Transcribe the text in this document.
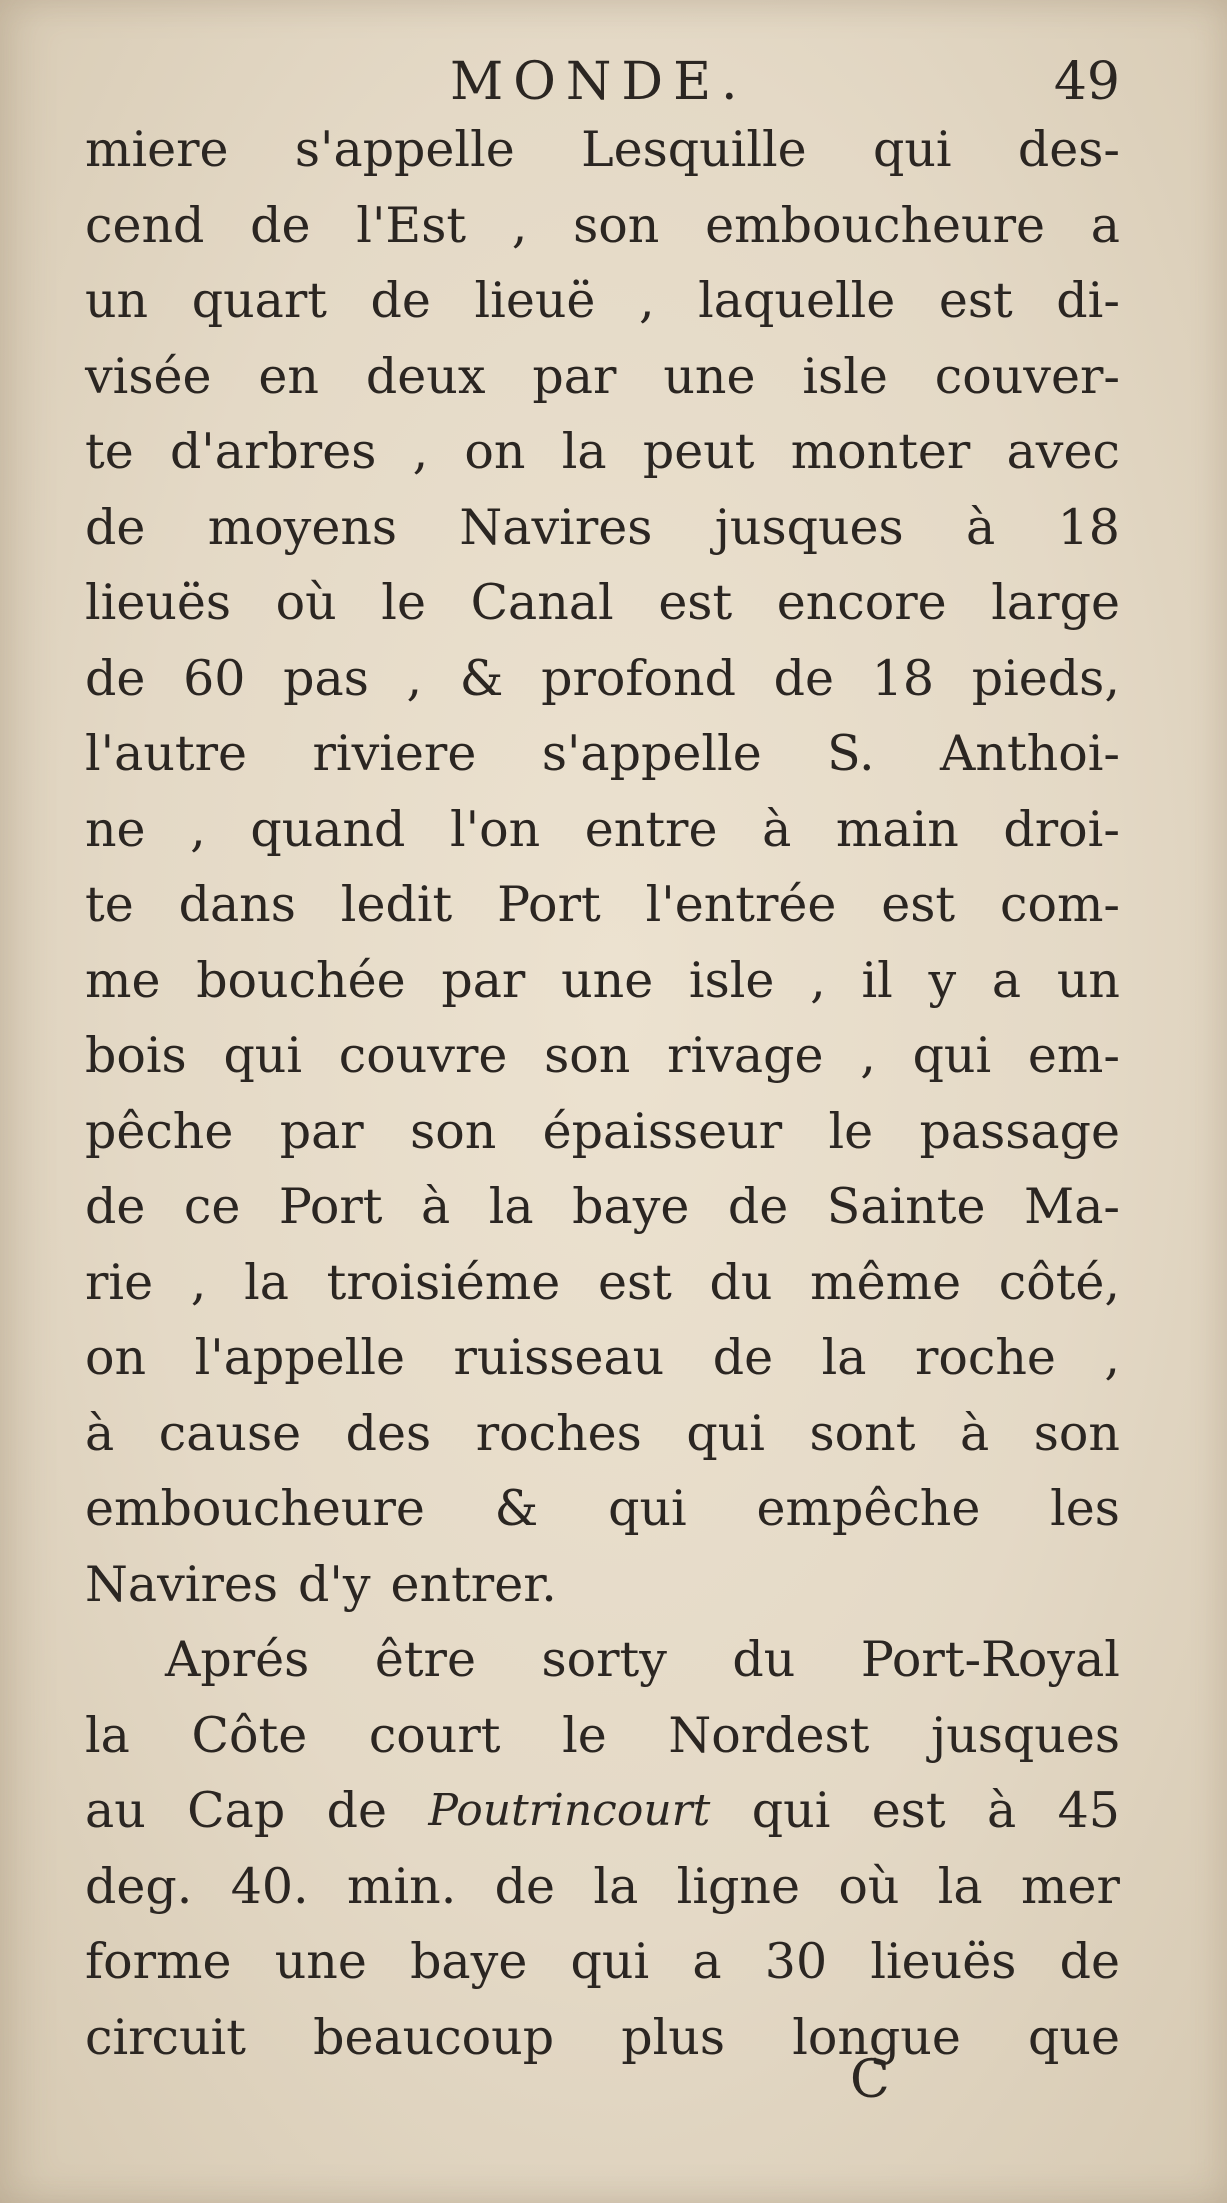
MONDE.	49
miere s'appelle Lesquille qui des-
cend de l'Est , son emboucheure a
un quart de lieuë , laquelle est di-
visée en deux par une isle couver-
te d'arbres , on la peut monter avec
de moyens Navires jusques à 18
lieuës où le Canal est encore large
de 60 pas , & profond de 18 pieds,
l'autre riviere s'appelle S. Anthoi-
ne , quand l'on entre à main droi-
te dans ledit Port l'entrée est com-
me bouchée par une isle , il y a un
bois qui couvre son rivage , qui em-
pêche par son épaisseur le passage
de ce Port à la baye de Sainte Ma-
rie , la troisiéme est du même côté,
on l'appelle ruisseau de la roche ,
à cause des roches qui sont à son
emboucheure & qui empêche les
Navires d'y entrer.
Aprés être sorty du Port-Royal
la Côte court le Nordest jusques
au Cap de Poutrincourt qui est à 45
deg. 40. min. de la ligne où la mer
forme une baye qui a 30 lieuës de
circuit beaucoup plus longue que
C
